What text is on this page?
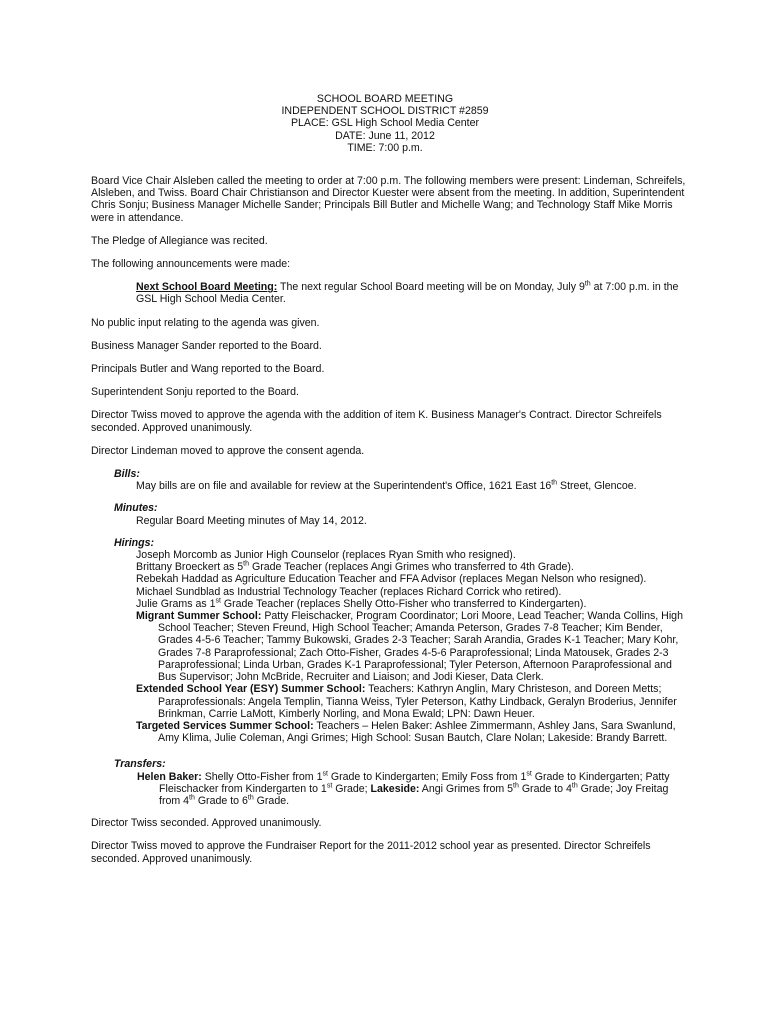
SCHOOL BOARD MEETING
INDEPENDENT SCHOOL DISTRICT #2859
PLACE: GSL High School Media Center
DATE: June 11, 2012
TIME: 7:00 p.m.

Board Vice Chair Alsleben called the meeting to order at 7:00 p.m. The following members were present: Lindeman, Schreifels, Alsleben, and Twiss. Board Chair Christianson and Director Kuester were absent from the meeting. In addition, Superintendent Chris Sonju; Business Manager Michelle Sander; Principals Bill Butler and Michelle Wang; and Technology Staff Mike Morris were in attendance.

The Pledge of Allegiance was recited.

The following announcements were made:

Next School Board Meeting: The next regular School Board meeting will be on Monday, July 9th at 7:00 p.m. in the GSL High School Media Center.

No public input relating to the agenda was given.

Business Manager Sander reported to the Board.

Principals Butler and Wang reported to the Board.

Superintendent Sonju reported to the Board.

Director Twiss moved to approve the agenda with the addition of item K. Business Manager's Contract. Director Schreifels seconded. Approved unanimously.

Director Lindeman moved to approve the consent agenda.

Bills:
May bills are on file and available for review at the Superintendent's Office, 1621 East 16th Street, Glencoe.
Minutes:
Regular Board Meeting minutes of May 14, 2012.
Hirings:
Joseph Morcomb as Junior High Counselor (replaces Ryan Smith who resigned).
Brittany Broeckert as 5th Grade Teacher (replaces Angi Grimes who transferred to 4th Grade).
Rebekah Haddad as Agriculture Education Teacher and FFA Advisor (replaces Megan Nelson who resigned).
Michael Sundblad as Industrial Technology Teacher (replaces Richard Corrick who retired).
Julie Grams as 1st Grade Teacher (replaces Shelly Otto-Fisher who transferred to Kindergarten).
Migrant Summer School: Patty Fleischacker, Program Coordinator; Lori Moore, Lead Teacher; Wanda Collins, High School Teacher; Steven Freund, High School Teacher; Amanda Peterson, Grades 7-8 Teacher; Kim Bender, Grades 4-5-6 Teacher; Tammy Bukowski, Grades 2-3 Teacher; Sarah Arandia, Grades K-1 Teacher; Mary Kohr, Grades 7-8 Paraprofessional; Zach Otto-Fisher, Grades 4-5-6 Paraprofessional; Linda Matousek, Grades 2-3 Paraprofessional; Linda Urban, Grades K-1 Paraprofessional; Tyler Peterson, Afternoon Paraprofessional and Bus Supervisor; John McBride, Recruiter and Liaison; and Jodi Kieser, Data Clerk.
Extended School Year (ESY) Summer School: Teachers: Kathryn Anglin, Mary Christeson, and Doreen Metts; Paraprofessionals: Angela Templin, Tianna Weiss, Tyler Peterson, Kathy Lindback, Geralyn Broderius, Jennifer Brinkman, Carrie LaMott, Kimberly Norling, and Mona Ewald; LPN: Dawn Heuer.
Targeted Services Summer School: Teachers – Helen Baker: Ashlee Zimmermann, Ashley Jans, Sara Swanlund, Amy Klima, Julie Coleman, Angi Grimes; High School: Susan Bautch, Clare Nolan; Lakeside: Brandy Barrett.
Transfers:
Helen Baker: Shelly Otto-Fisher from 1st Grade to Kindergarten; Emily Foss from 1st Grade to Kindergarten; Patty Fleischacker from Kindergarten to 1st Grade; Lakeside: Angi Grimes from 5th Grade to 4th Grade; Joy Freitag from 4th Grade to 6th Grade.

Director Twiss seconded. Approved unanimously.

Director Twiss moved to approve the Fundraiser Report for the 2011-2012 school year as presented. Director Schreifels seconded. Approved unanimously.
